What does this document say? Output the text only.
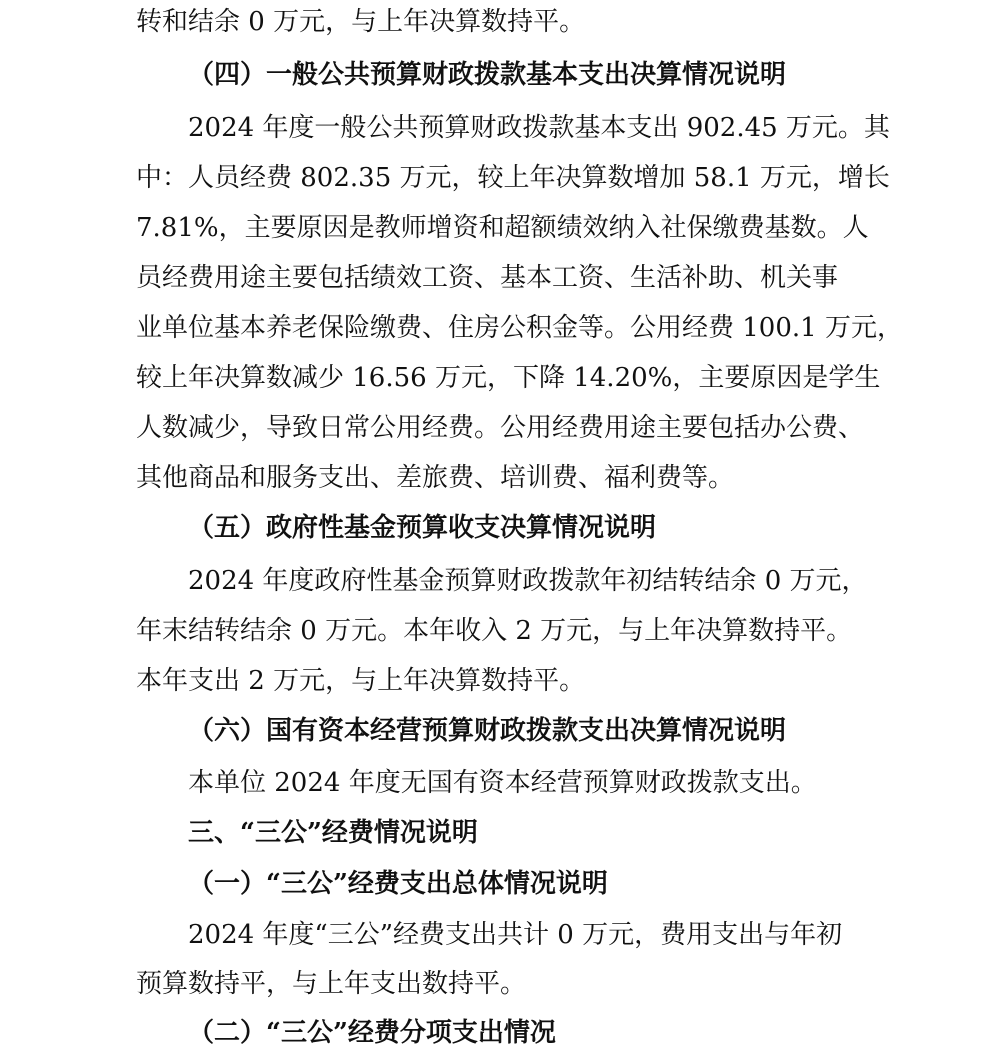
转和结余 0 万元，与上年决算数持平。
（四）一般公共预算财政拨款基本支出决算情况说明
2024 年度一般公共预算财政拨款基本支出 902.45 万元。其
中：人员经费 802.35 万元，较上年决算数增加 58.1 万元，增长
7.81%，主要原因是教师增资和超额绩效纳入社保缴费基数。人
员经费用途主要包括绩效工资、基本工资、生活补助、机关事
业单位基本养老保险缴费、住房公积金等。公用经费 100.1 万元，
较上年决算数减少 16.56 万元，下降 14.20%，主要原因是学生
人数减少，导致日常公用经费。公用经费用途主要包括办公费、
其他商品和服务支出、差旅费、培训费、福利费等。
（五）政府性基金预算收支决算情况说明
2024 年度政府性基金预算财政拨款年初结转结余 0 万元，
年末结转结余 0 万元。本年收入 2 万元，与上年决算数持平。
本年支出 2 万元，与上年决算数持平。
（六）国有资本经营预算财政拨款支出决算情况说明
本单位 2024 年度无国有资本经营预算财政拨款支出。
三、“三公”经费情况说明
（一）“三公”经费支出总体情况说明
2024 年度“三公”经费支出共计 0 万元，费用支出与年初
预算数持平，与上年支出数持平。
（二）“三公”经费分项支出情况
